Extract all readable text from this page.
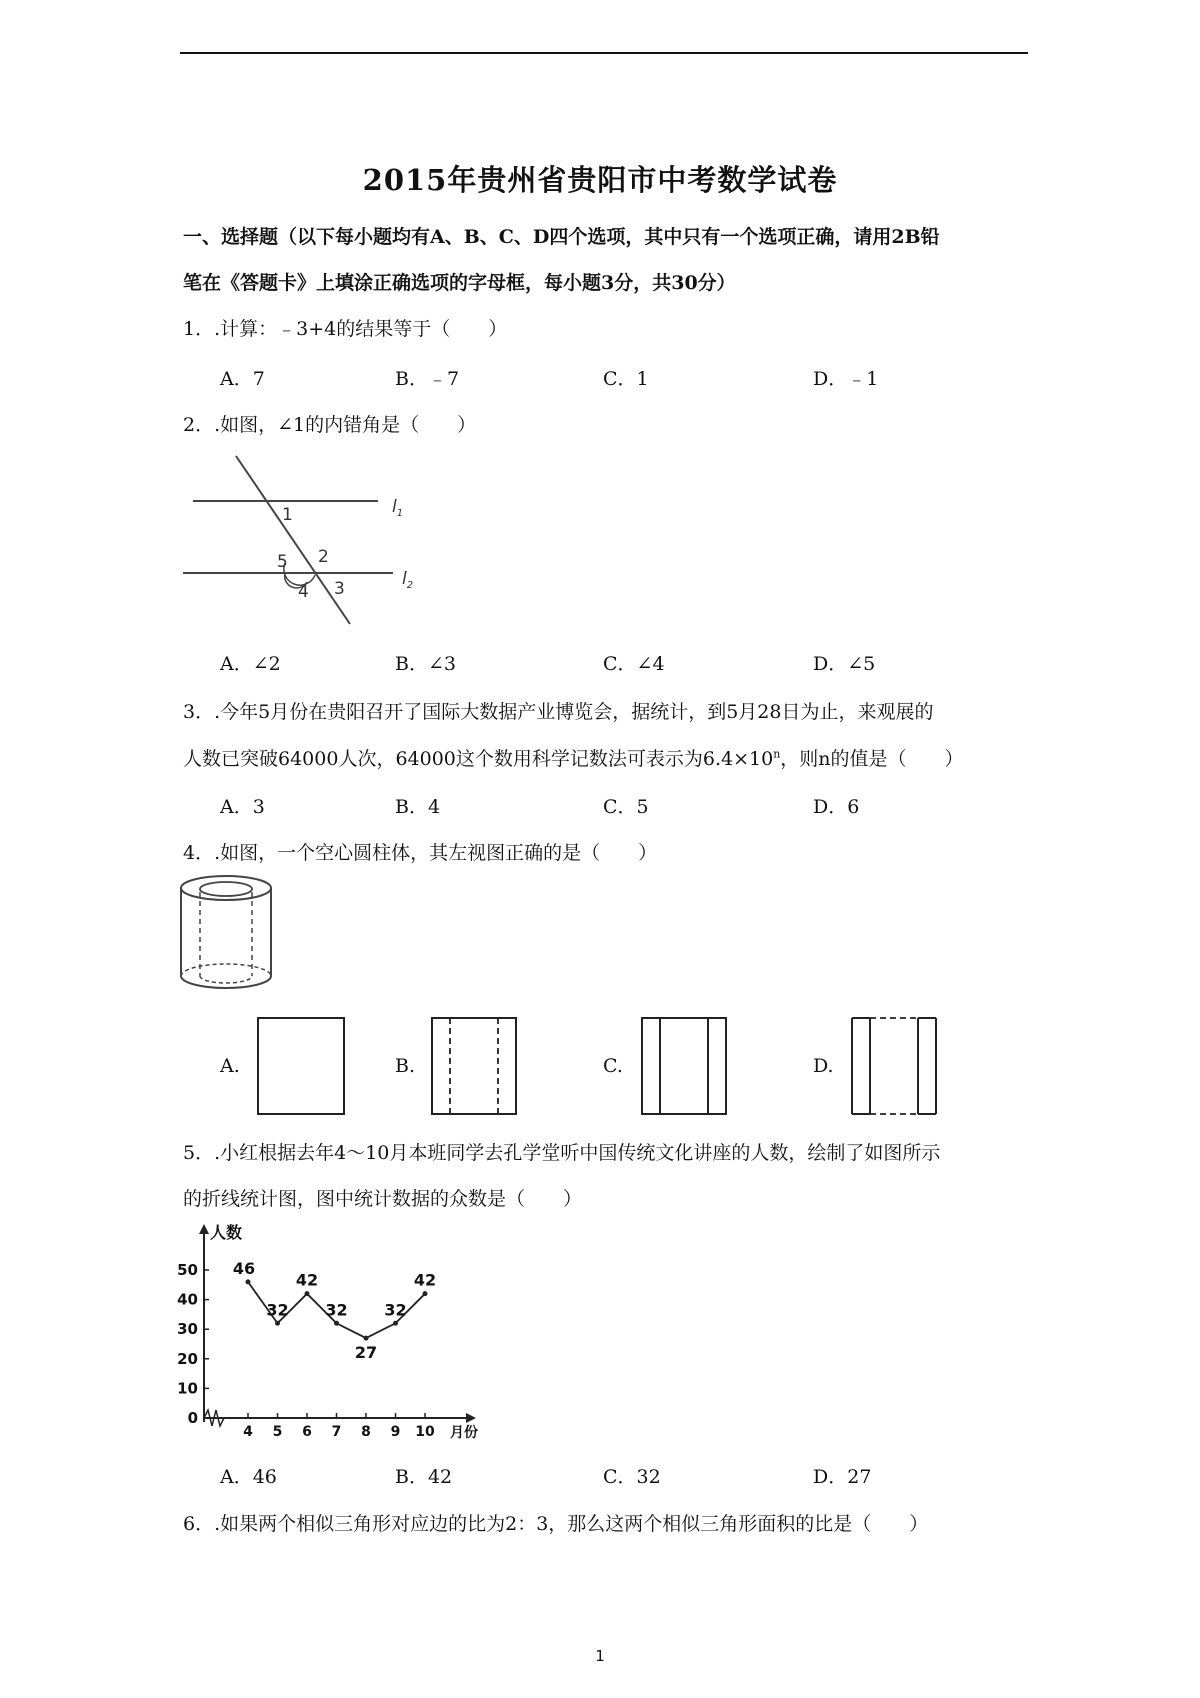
2015年贵州省贵阳市中考数学试卷
一、选择题（以下每小题均有A、B、C、D四个选项，其中只有一个选项正确，请用2B铅
笔在《答题卡》上填涂正确选项的字母框，每小题3分，共30分）
1．.计算：﹣3+4的结果等于（　　）
A．7	B．﹣7	C．1	D．﹣1
2．.如图，∠1的内错角是（　　）
$l_1$
$l_2$
1
2
5
4 3
A．∠2	B．∠3	C．∠4	D．∠5
3．.今年5月份在贵阳召开了国际大数据产业博览会，据统计，到5月28日为止，来观展的
人数已突破64000人次，64000这个数用科学记数法可表示为$6.4\times 10^n$，则n的值是（　　）
A．3	B．4	C．5	D．6
4．.如图，一个空心圆柱体，其左视图正确的是（　　）
A.	B.	C.	D.
5．.小红根据去年4～10月本班同学去孔学堂听中国传统文化讲座的人数，绘制了如图所示
的折线统计图，图中统计数据的众数是（　　）
人数
月份
0
10
20
30
40
50
4 5 6 7 8 9 10
46
32
42
32
27
32
42
A．46	B．42	C．32	D．27
6．.如果两个相似三角形对应边的比为2：3，那么这两个相似三角形面积的比是（　　）
1
